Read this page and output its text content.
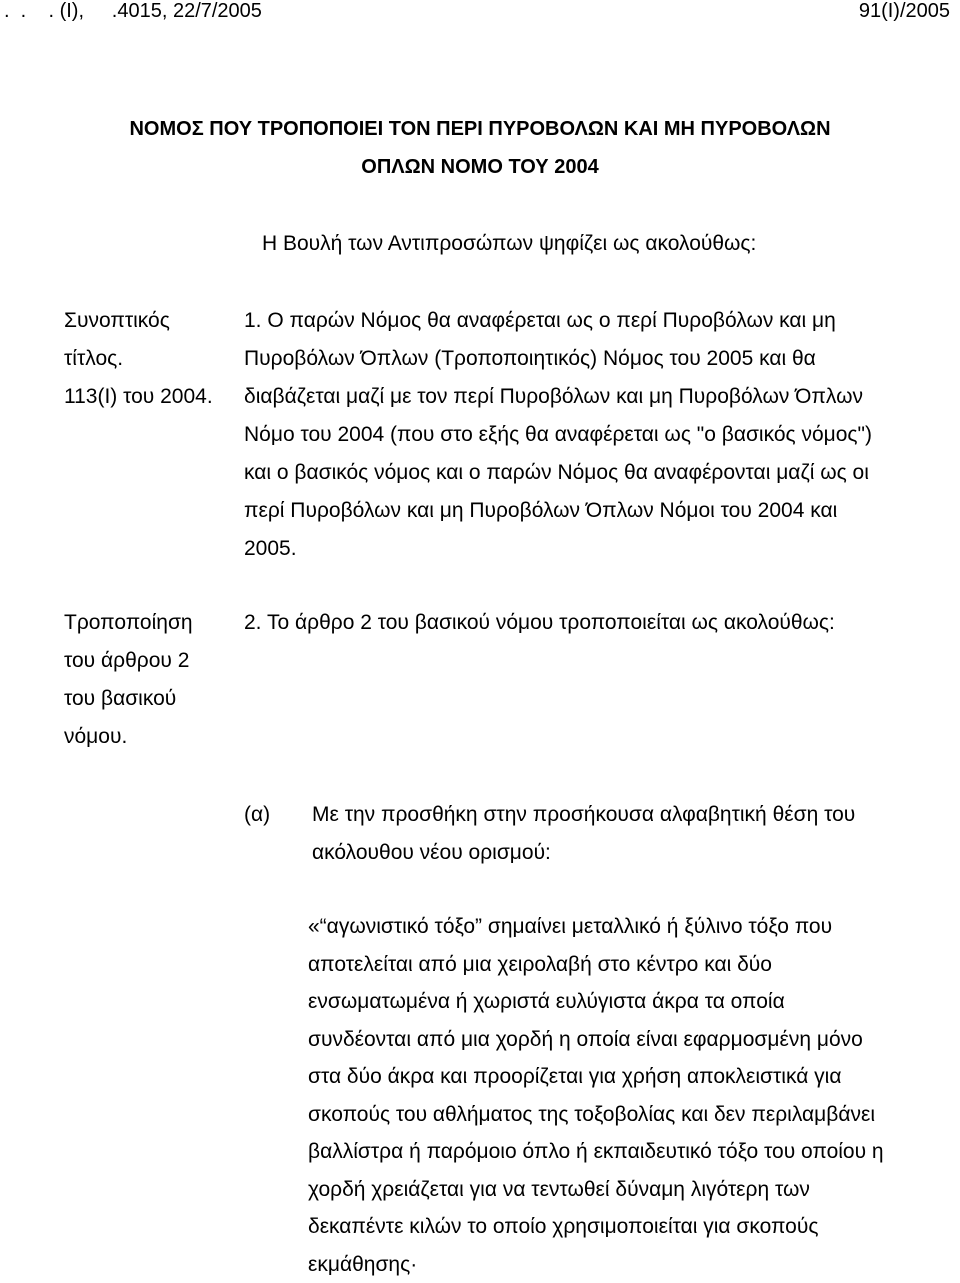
.  .    . (Ι),     .4015, 22/7/2005	91(Ι)/2005
ΝΟΜΟΣ ΠΟΥ ΤΡΟΠΟΠΟΙΕΙ ΤΟΝ ΠΕΡΙ ΠΥΡΟΒΟΛΩΝ ΚΑΙ ΜΗ ΠΥΡΟΒΟΛΩΝ
ΟΠΛΩΝ ΝΟΜΟ ΤΟΥ 2004
Η Βουλή των Αντιπροσώπων ψηφίζει ως ακολούθως:
Συνοπτικός
τίτλος.
113(Ι) του 2004.
1. Ο παρών Νόμος θα αναφέρεται ως ο περί Πυροβόλων και μη
Πυροβόλων Όπλων (Τροποποιητικός) Νόμος του 2005 και θα
διαβάζεται μαζί με τον περί Πυροβόλων και μη Πυροβόλων Όπλων
Νόμο του 2004 (που στο εξής θα αναφέρεται ως "ο βασικός νόμος")
και ο βασικός νόμος και ο παρών Νόμος θα αναφέρονται μαζί ως οι
περί Πυροβόλων και μη Πυροβόλων Όπλων Νόμοι του 2004 και
2005.
Τροποποίηση
του άρθρου 2
του βασικού
νόμου.
2. Το άρθρο 2 του βασικού νόμου τροποποιείται ως ακολούθως:
(α) Με την προσθήκη στην προσήκουσα αλφαβητική θέση του
ακόλουθου νέου ορισμού:
«“αγωνιστικό τόξο” σημαίνει μεταλλικό ή ξύλινο τόξο που
αποτελείται από μια χειρολαβή στο κέντρο και δύο
ενσωματωμένα ή χωριστά ευλύγιστα άκρα τα οποία
συνδέονται από μια χορδή η οποία είναι εφαρμοσμένη μόνο
στα δύο άκρα και προορίζεται για χρήση αποκλειστικά για
σκοπούς του αθλήματος της τοξοβολίας και δεν περιλαμβάνει
βαλλίστρα ή παρόμοιο όπλο ή εκπαιδευτικό τόξο του οποίου η
χορδή χρειάζεται για να τεντωθεί δύναμη λιγότερη των
δεκαπέντε κιλών το οποίο χρησιμοποιείται για σκοπούς
εκμάθησης·
